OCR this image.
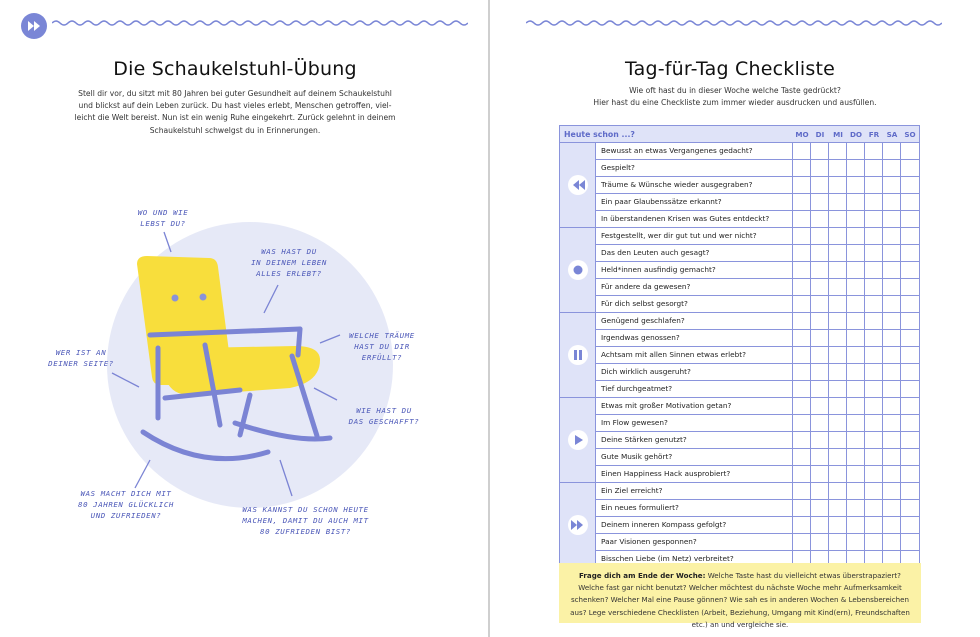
Die Schaukelstuhl-Übung
Stell dir vor, du sitzt mit 80 Jahren bei guter Gesundheit auf deinem Schaukelstuhl
und blickst auf dein Leben zurück. Du hast vieles erlebt, Menschen getroffen, viel-
leicht die Welt bereist. Nun ist ein wenig Ruhe eingekehrt. Zurück gelehnt in deinem
Schaukelstuhl schwelgst du in Erinnerungen.
WO UND WIE
LEBST DU?
WAS HAST DU
IN DEINEM LEBEN
ALLES ERLEBT?
WELCHE TRÄUME
HAST DU DIR
ERFÜLLT?
WER IST AN
DEINER SEITE?
WIE HAST DU
DAS GESCHAFFT?
WAS MACHT DICH MIT
80 JAHREN GLÜCKLICH
UND ZUFRIEDEN?
WAS KANNST DU SCHON HEUTE
MACHEN, DAMIT DU AUCH MIT
80 ZUFRIEDEN BIST?
Tag-für-Tag Checkliste
Wie oft hast du in dieser Woche welche Taste gedrückt?
Hier hast du eine Checkliste zum immer wieder ausdrucken und ausfüllen.
Heute schon ...?	MO DI	MI DO FR	SA SO
Bewusst an etwas Vergangenes gedacht?
Gespielt?
Träume & Wünsche wieder ausgegraben?
Ein paar Glaubenssätze erkannt?
In überstandenen Krisen was Gutes entdeckt?
Festgestellt, wer dir gut tut und wer nicht?
Das den Leuten auch gesagt?
Held*innen ausfindig gemacht?
Für andere da gewesen?
Für dich selbst gesorgt?
Genügend geschlafen?
Irgendwas genossen?
Achtsam mit allen Sinnen etwas erlebt?
Dich wirklich ausgeruht?
Tief durchgeatmet?
Etwas mit großer Motivation getan?
Im Flow gewesen?
Deine Stärken genutzt?
Gute Musik gehört?
Einen Happiness Hack ausprobiert?
Ein Ziel erreicht?
Ein neues formuliert?
Deinem inneren Kompass gefolgt?
Paar Visionen gesponnen?
Bisschen Liebe (im Netz) verbreitet?
Frage dich am Ende der Woche: Welche Taste hast du vielleicht etwas überstrapaziert? Welche fast gar nicht benutzt? Welcher möchtest du nächste Woche mehr Aufmerksamkeit schenken? Welcher Mal eine Pause gönnen? Wie sah es in anderen Wochen & Lebensbereichen aus? Lege verschiedene Checklisten (Arbeit, Beziehung, Umgang mit Kind(ern), Freundschaften etc.) an und vergleiche sie.
